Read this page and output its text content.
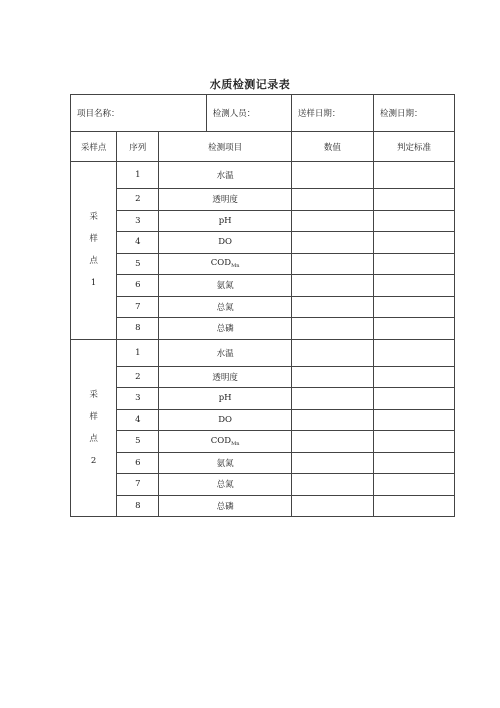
水质检测记录表
项目名称：			检测人员：	送样日期：	检测日期：
采样点	序列	检测项目		数值	判定标准

采
样
点
1	1	水温			
	2	透明度			
	3	pH			
	4	DO			
	5	$COD_{Mn}$		
	6	氨氮			
	7	总氮			
	8	总磷			

采
样
点
2	1	水温			
	2	透明度			
	3	pH			
	4	DO			
	5	$COD_{Mn}$		
	6	氨氮			
	7	总氮			
	8	总磷			
